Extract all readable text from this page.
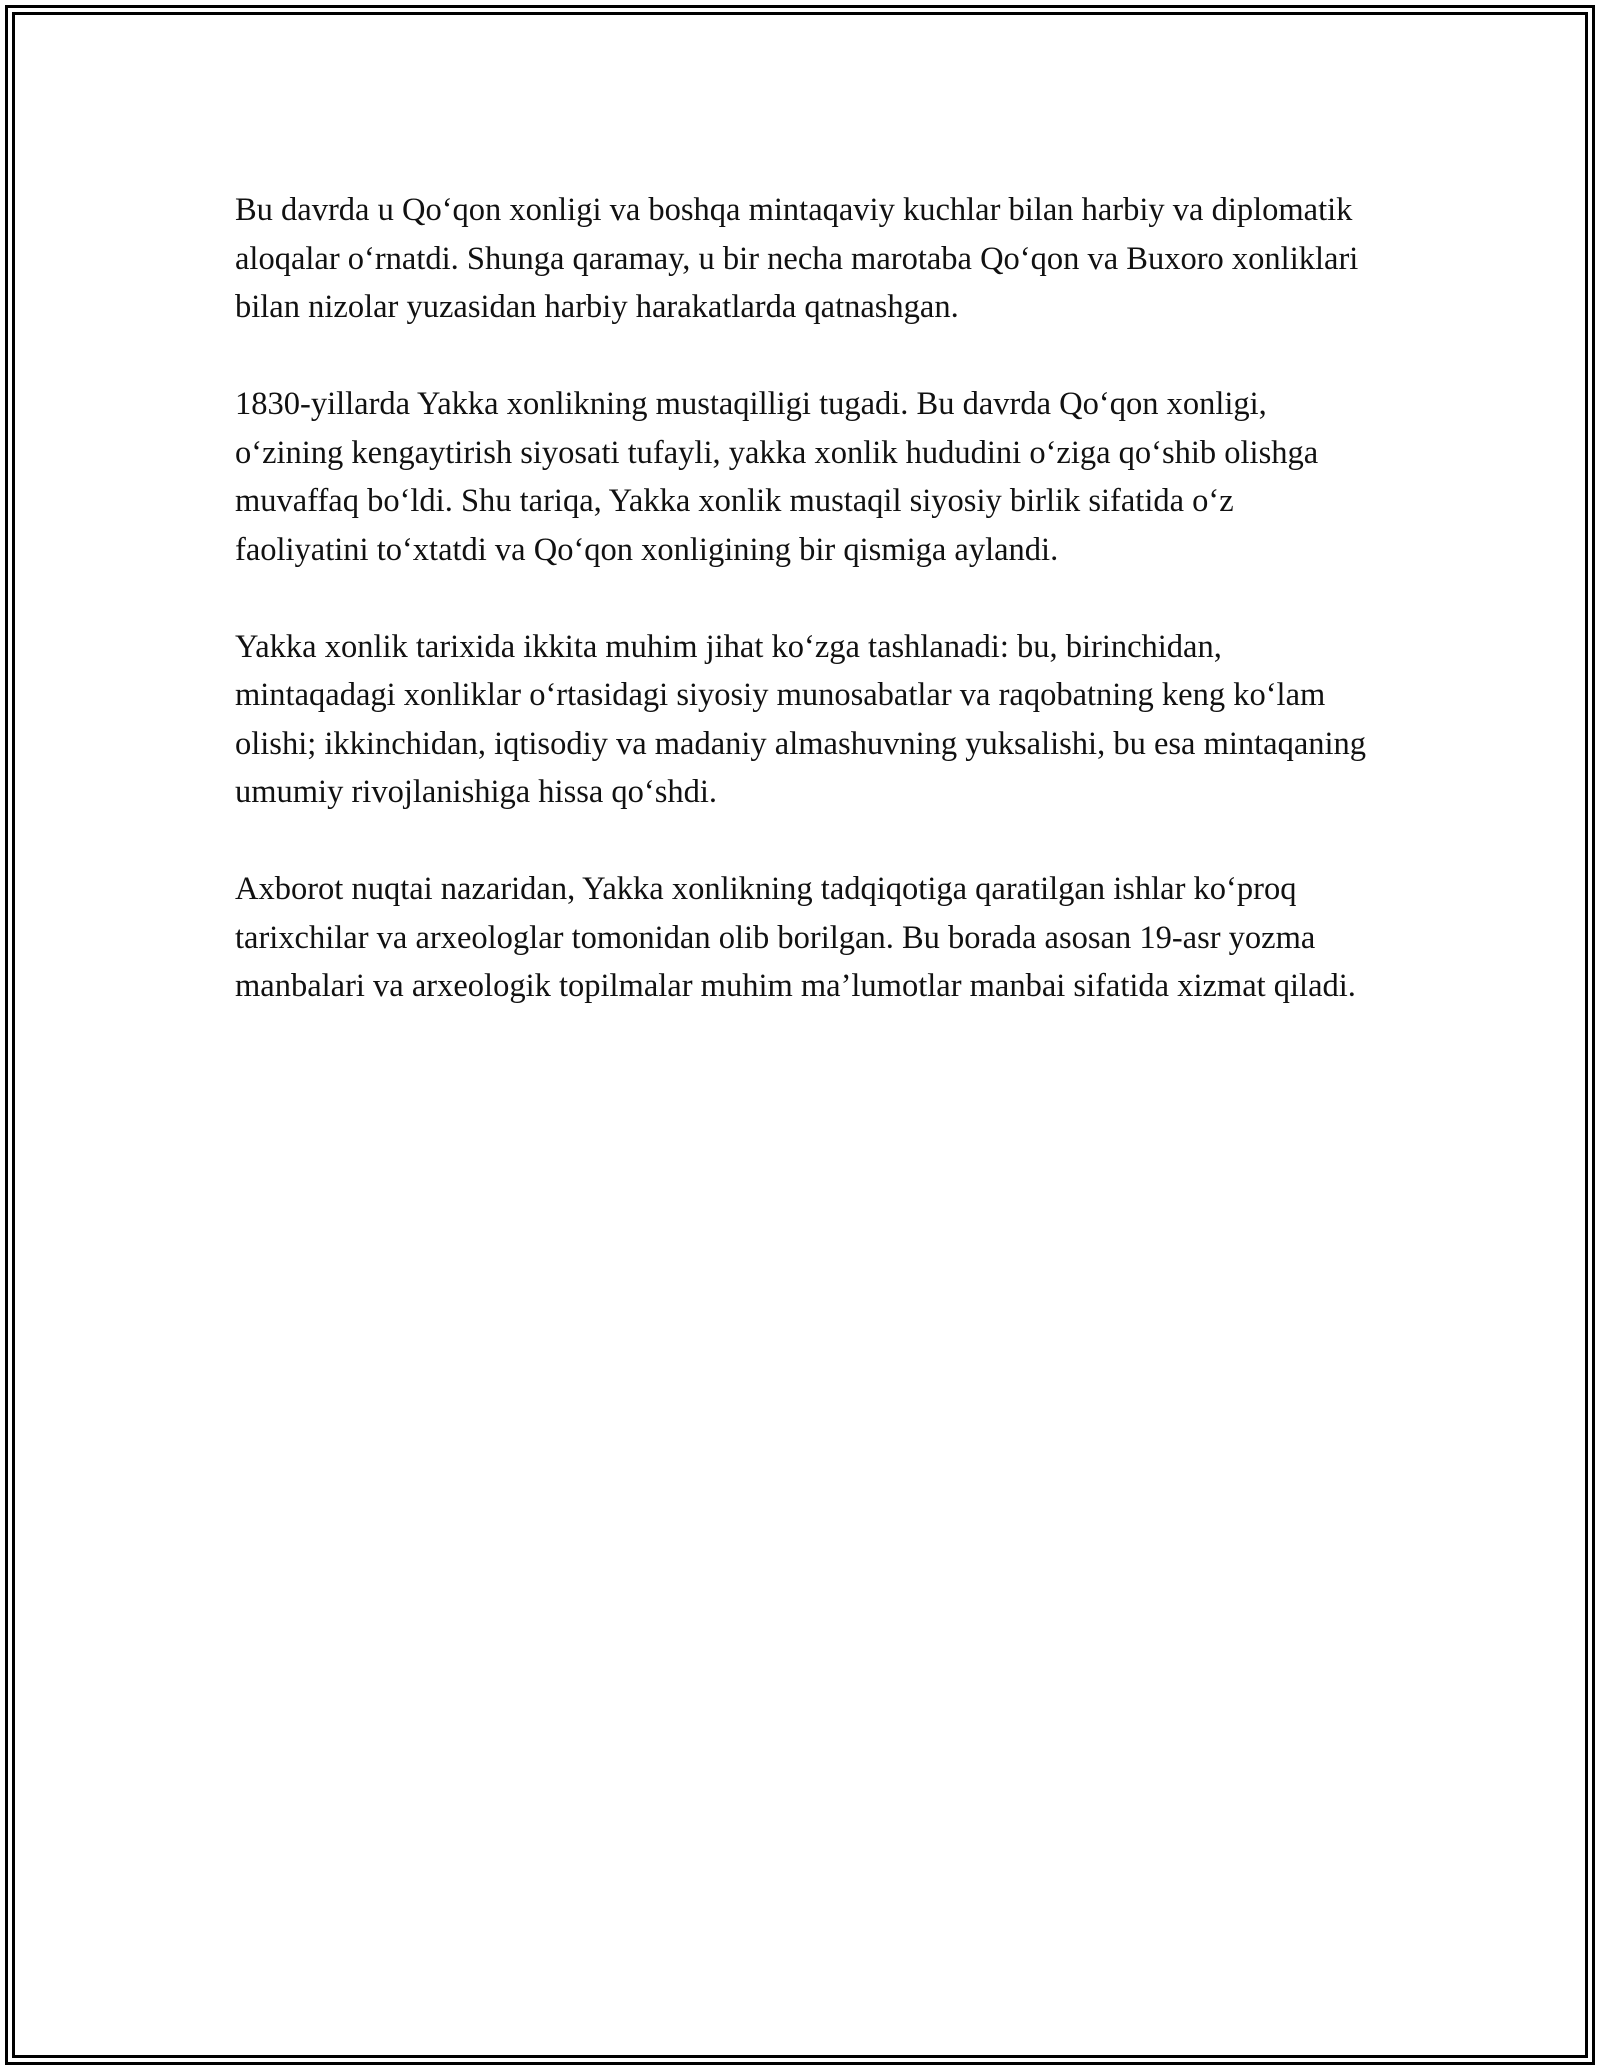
Bu davrda u Qo‘qon xonligi va boshqa mintaqaviy kuchlar bilan harbiy va diplomatik aloqalar o‘rnatdi. Shunga qaramay, u bir necha marotaba Qo‘qon va Buxoro xonliklari bilan nizolar yuzasidan harbiy harakatlarda qatnashgan.

1830-yillarda Yakka xonlikning mustaqilligi tugadi. Bu davrda Qo‘qon xonligi, o‘zining kengaytirish siyosati tufayli, yakka xonlik hududini o‘ziga qo‘shib olishga muvaffaq bo‘ldi. Shu tariqa, Yakka xonlik mustaqil siyosiy birlik sifatida o‘z faoliyatini to‘xtatdi va Qo‘qon xonligining bir qismiga aylandi.

Yakka xonlik tarixida ikkita muhim jihat ko‘zga tashlanadi: bu, birinchidan, mintaqadagi xonliklar o‘rtasidagi siyosiy munosabatlar va raqobatning keng ko‘lam olishi; ikkinchidan, iqtisodiy va madaniy almashuvning yuksalishi, bu esa mintaqaning umumiy rivojlanishiga hissa qo‘shdi.

Axborot nuqtai nazaridan, Yakka xonlikning tadqiqotiga qaratilgan ishlar ko‘proq tarixchilar va arxeologlar tomonidan olib borilgan. Bu borada asosan 19-asr yozma manbalari va arxeologik topilmalar muhim ma’lumotlar manbai sifatida xizmat qiladi.
